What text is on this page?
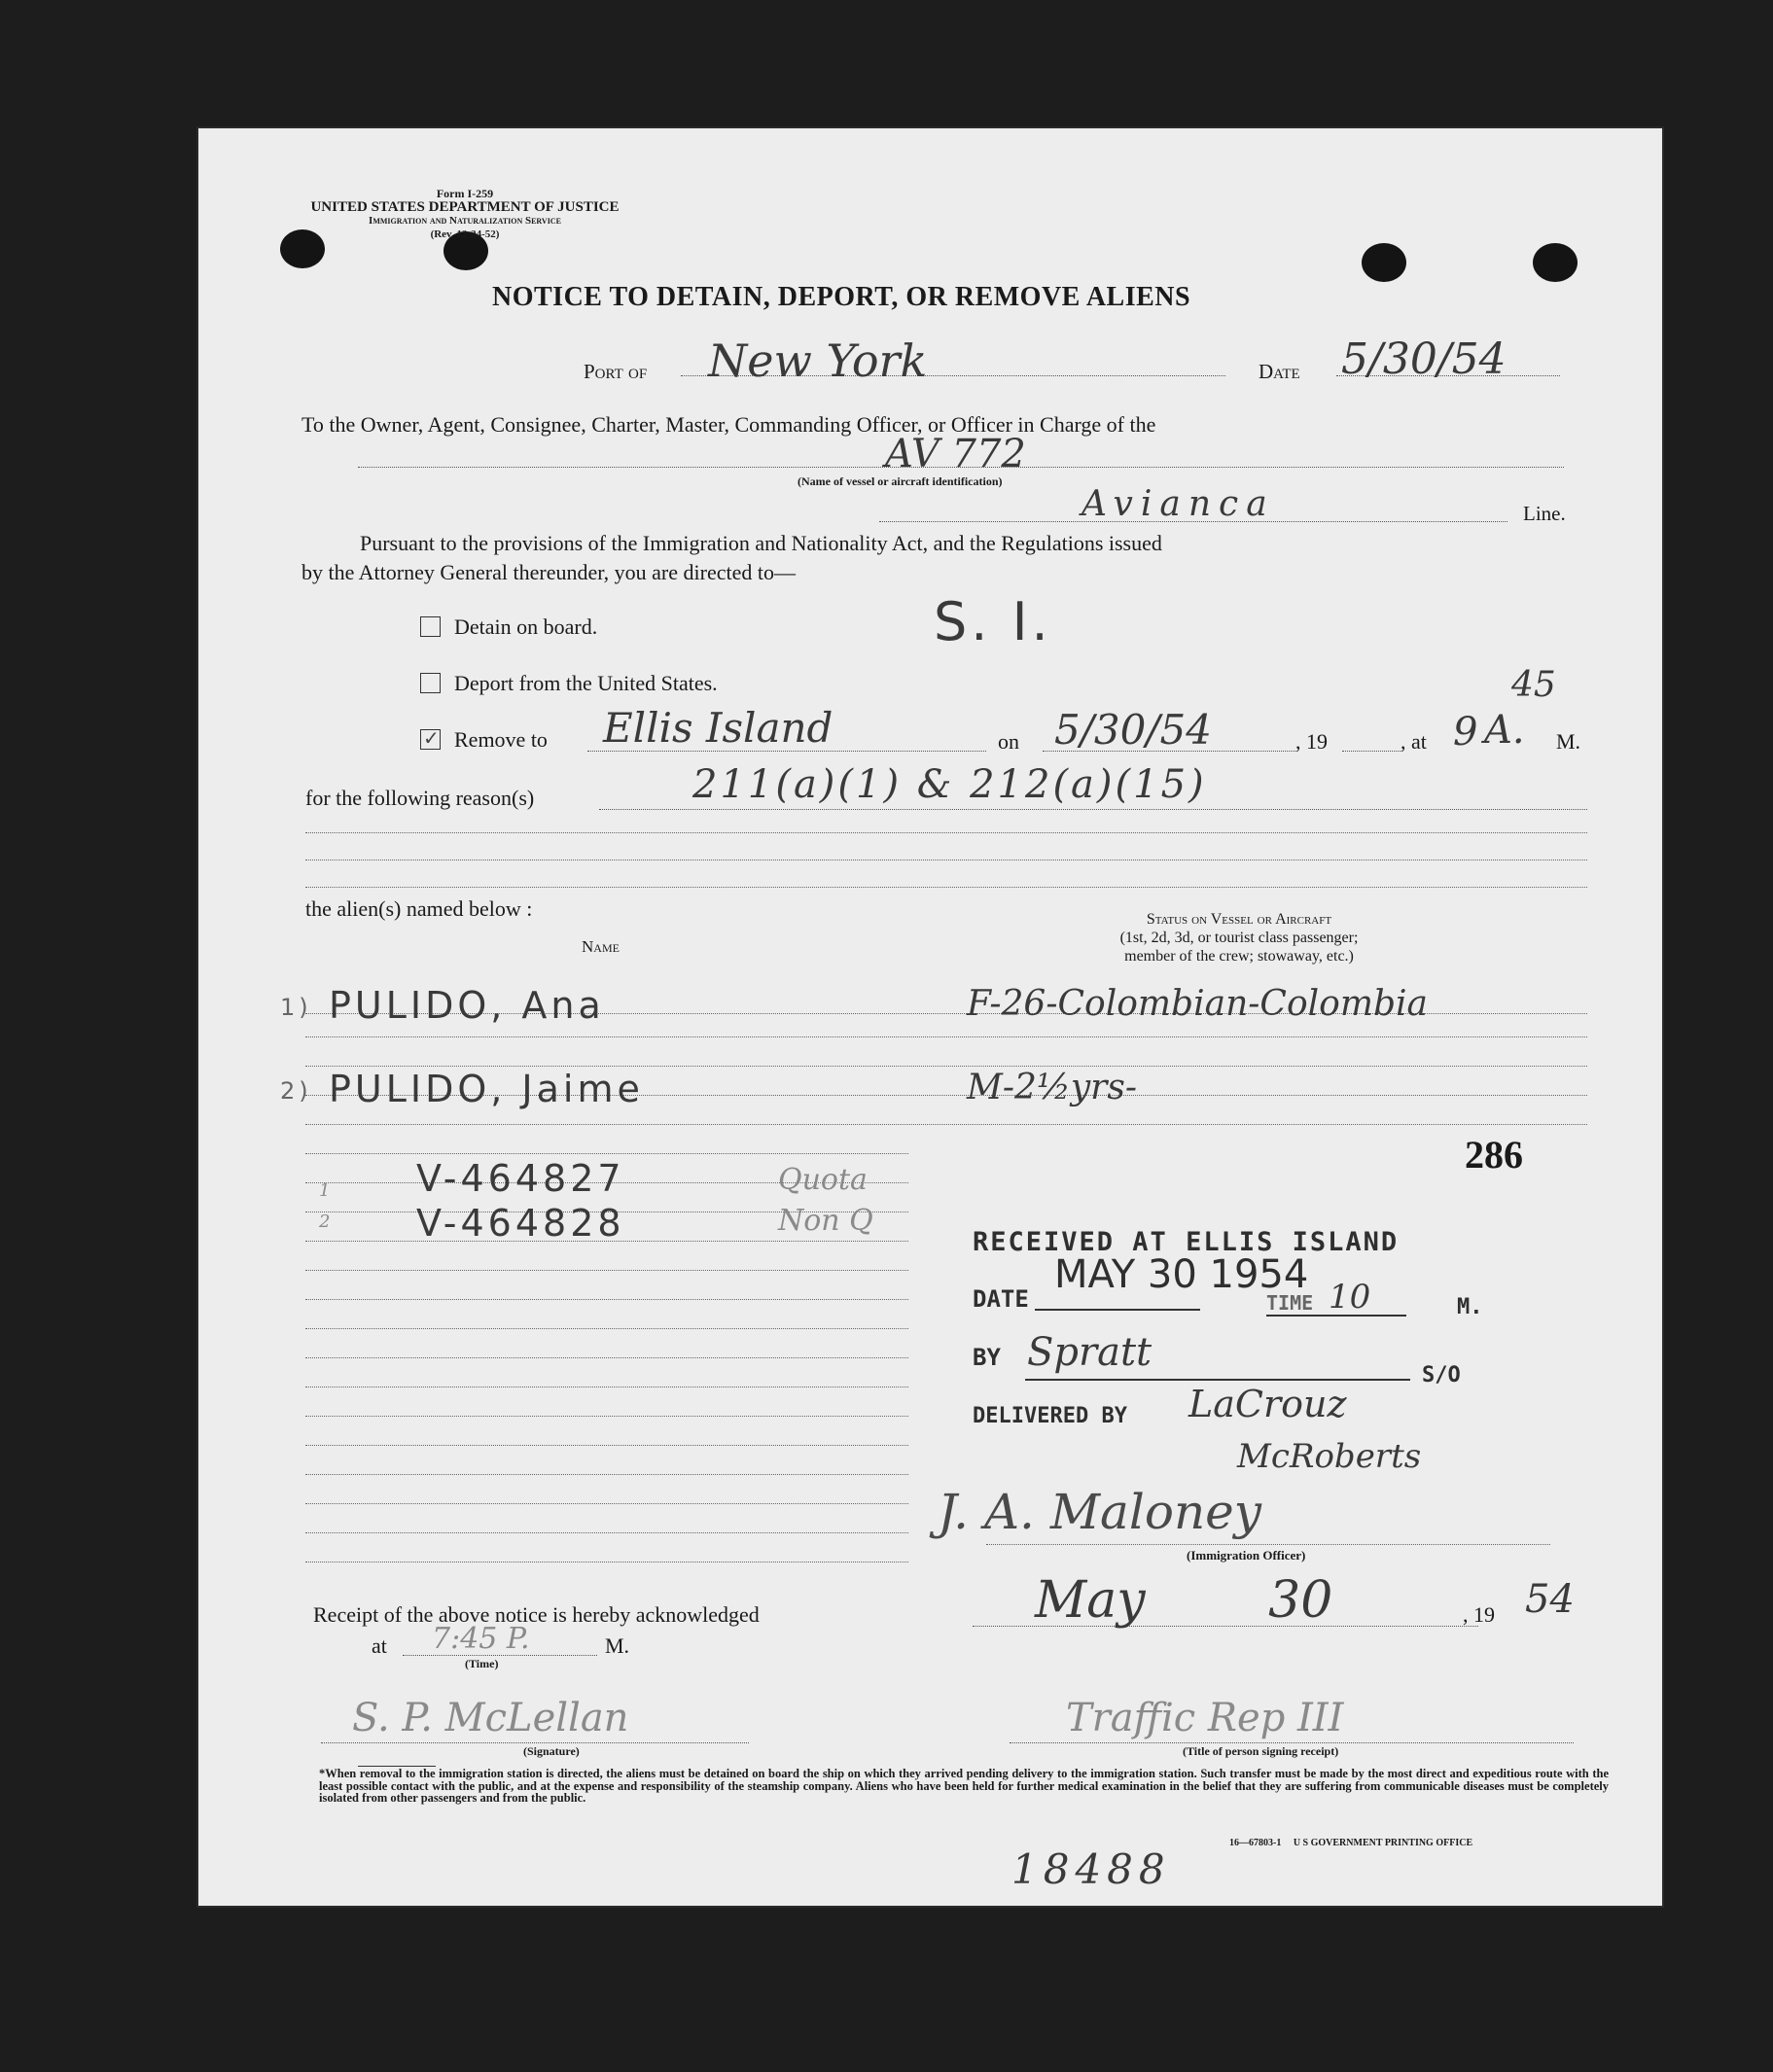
Form I-259
UNITED STATES DEPARTMENT OF JUSTICE
Immigration and Naturalization Service
(Rev. 12-24-52)
NOTICE TO DETAIN, DEPORT, OR REMOVE ALIENS
Port of New York	Date 5/30/54
To the Owner, Agent, Consignee, Charter, Master, Commanding Officer, or Officer in Charge of the
AV 772
(Name of vessel or aircraft identification)
Avianca	Line.
Pursuant to the provisions of the Immigration and Nationality Act, and the Regulations issued
by the Attorney General thereunder, you are directed to—
Detain on board.	S. I.
Deport from the United States.
✓ Remove to Ellis Island	on 5/30/54	, 19	, at 9
45
A. M.
for the following reason(s)	211(a)(1) & 212(a)(15)
the alien(s) named below :
Name
Status on Vessel or Aircraft
(1st, 2d, 3d, or tourist class passenger;
member of the crew; stowaway, etc.)
1) PULIDO, Ana	F-26-Colombian-Colombia
2) PULIDO, Jaime	M-2½yrs-
286
1 V-464827	Quota
2 V-464828	Non Q
RECEIVED AT ELLIS ISLAND
DATE
MAY 30 1954
TIME 10	M.
BY Spratt
S/O
DELIVERED BY LaCrouz
McRoberts
J. A. Maloney
(Immigration Officer)
Receipt of the above notice is hereby acknowledged	May 30	, 19 54
at 7:45 P.	M.
(Time)
S. P. McLellan
(Signature)
Traffic Rep III
(Title of person signing receipt)
*When removal to the immigration station is directed, the aliens must be detained on board the ship on which they arrived pending delivery to the immigration station. Such transfer must be made by the most direct and expeditious route with the least possible contact with the public, and at the expense and responsibility of the steamship company. Aliens who have been held for further medical examination in the belief that they are suffering from communicable diseases must be completely isolated from other passengers and from the public.
16—67803-1     U S GOVERNMENT PRINTING OFFICE
18488
